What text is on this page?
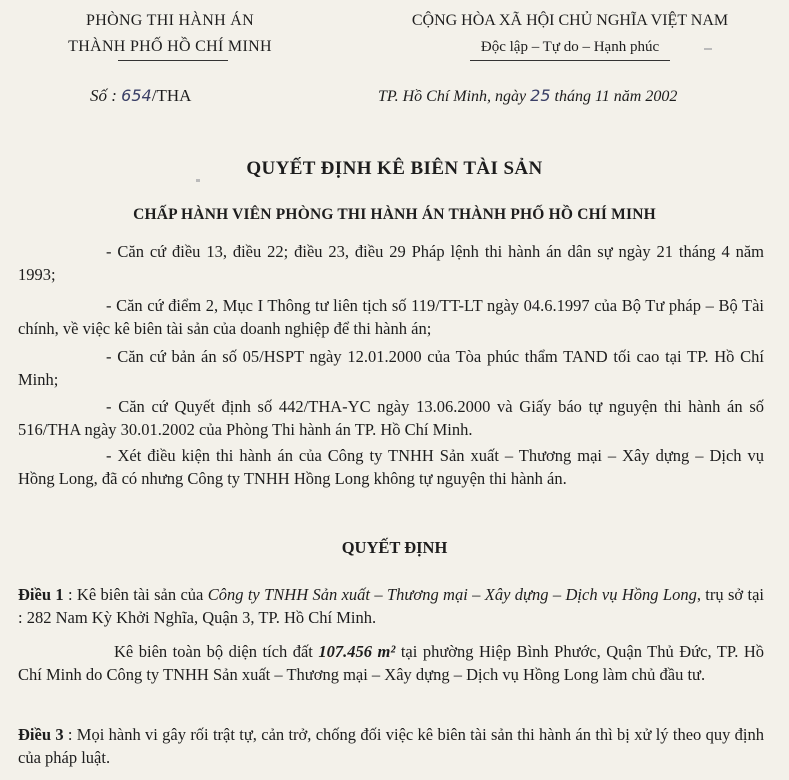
PHÒNG THI HÀNH ÁN
THÀNH PHỐ HỒ CHÍ MINH
CỘNG HÒA XÃ HỘI CHỦ NGHĨA VIỆT NAM
Độc lập – Tự do – Hạnh phúc
Số : 654/THA	TP. Hồ Chí Minh, ngày 25 tháng 11 năm 2002
QUYẾT ĐỊNH KÊ BIÊN TÀI SẢN
CHẤP HÀNH VIÊN PHÒNG THI HÀNH ÁN THÀNH PHỐ HỒ CHÍ MINH
- Căn cứ điều 13, điều 22; điều 23, điều 29 Pháp lệnh thi hành án dân sự ngày 21 tháng 4 năm 1993;
- Căn cứ điểm 2, Mục I Thông tư liên tịch số 119/TT-LT ngày 04.6.1997 của Bộ Tư pháp – Bộ Tài chính, về việc kê biên tài sản của doanh nghiệp để thi hành án;
- Căn cứ bản án số 05/HSPT ngày 12.01.2000 của Tòa phúc thẩm TAND tối cao tại TP. Hồ Chí Minh;
- Căn cứ Quyết định số 442/THA-YC ngày 13.06.2000 và Giấy báo tự nguyện thi hành án số 516/THA ngày 30.01.2002 của Phòng Thi hành án TP. Hồ Chí Minh.
- Xét điều kiện thi hành án của Công ty TNHH Sản xuất – Thương mại – Xây dựng – Dịch vụ Hồng Long, đã có nhưng Công ty TNHH Hồng Long không tự nguyện thi hành án.
QUYẾT ĐỊNH
Điều 1 : Kê biên tài sản của Công ty TNHH Sản xuất – Thương mại – Xây dựng – Dịch vụ Hồng Long, trụ sở tại : 282 Nam Kỳ Khởi Nghĩa, Quận 3, TP. Hồ Chí Minh.
Kê biên toàn bộ diện tích đất 107.456 m² tại phường Hiệp Bình Phước, Quận Thủ Đức, TP. Hồ Chí Minh do Công ty TNHH Sản xuất – Thương mại – Xây dựng – Dịch vụ Hồng Long làm chủ đầu tư.
Điều 3 : Mọi hành vi gây rối trật tự, cản trở, chống đối việc kê biên tài sản thi hành án thì bị xử lý theo quy định của pháp luật.
